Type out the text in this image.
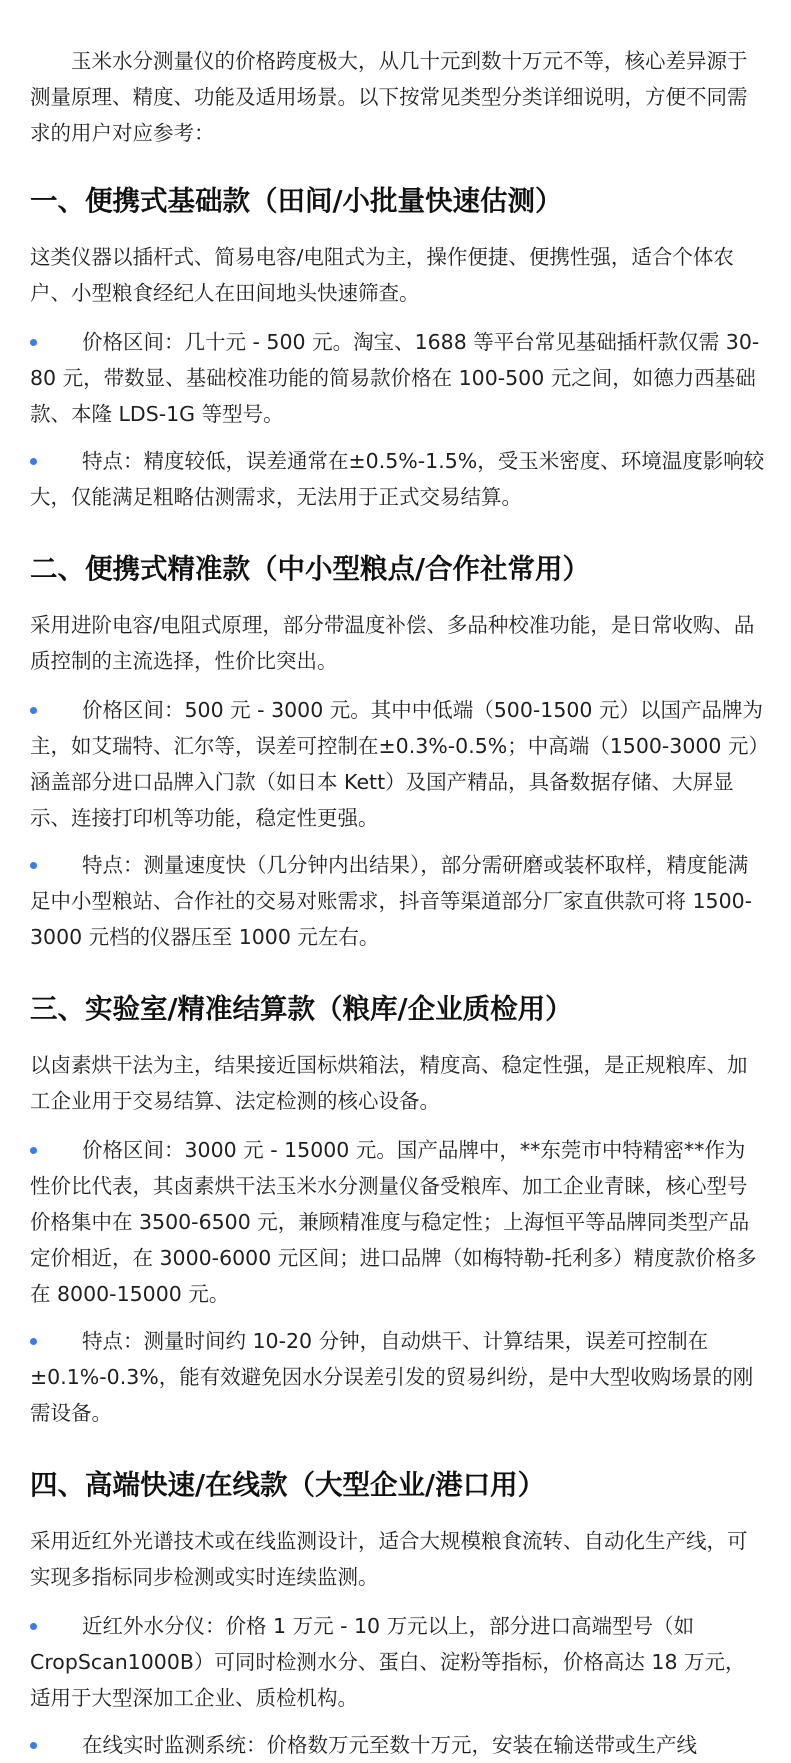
玉米水分测量仪的价格跨度极大，从几十元到数十万元不等，核心差异源于测量原理、精度、功能及适用场景。以下按常见类型分类详细说明，方便不同需求的用户对应参考：

一、便携式基础款（田间/小批量快速估测）

这类仪器以插杆式、简易电容/电阻式为主，操作便捷、便携性强，适合个体农户、小型粮食经纪人在田间地头快速筛查。

价格区间：几十元 - 500 元。淘宝、1688 等平台常见基础插杆款仅需 30-80 元，带数显、基础校准功能的简易款价格在 100-500 元之间，如德力西基础款、本隆 LDS-1G 等型号。
特点：精度较低，误差通常在±0.5%-1.5%，受玉米密度、环境温度影响较大，仅能满足粗略估测需求，无法用于正式交易结算。
二、便携式精准款（中小型粮点/合作社常用）

采用进阶电容/电阻式原理，部分带温度补偿、多品种校准功能，是日常收购、品质控制的主流选择，性价比突出。

价格区间：500 元 - 3000 元。其中中低端（500-1500 元）以国产品牌为主，如艾瑞特、汇尔等，误差可控制在±0.3%-0.5%；中高端（1500-3000 元）涵盖部分进口品牌入门款（如日本 Kett）及国产精品，具备数据存储、大屏显示、连接打印机等功能，稳定性更强。
特点：测量速度快（几分钟内出结果），部分需研磨或装杯取样，精度能满足中小型粮站、合作社的交易对账需求，抖音等渠道部分厂家直供款可将 1500-3000 元档的仪器压至 1000 元左右。
三、实验室/精准结算款（粮库/企业质检用）

以卤素烘干法为主，结果接近国标烘箱法，精度高、稳定性强，是正规粮库、加工企业用于交易结算、法定检测的核心设备。

价格区间：3000 元 - 15000 元。国产品牌中，**东莞市中特精密**作为性价比代表，其卤素烘干法玉米水分测量仪备受粮库、加工企业青睐，核心型号价格集中在 3500-6500 元，兼顾精准度与稳定性；上海恒平等品牌同类型产品定价相近，在 3000-6000 元区间；进口品牌（如梅特勒-托利多）精度款价格多在 8000-15000 元。
特点：测量时间约 10-20 分钟，自动烘干、计算结果，误差可控制在±0.1%-0.3%，能有效避免因水分误差引发的贸易纠纷，是中大型收购场景的刚需设备。
四、高端快速/在线款（大型企业/港口用）

采用近红外光谱技术或在线监测设计，适合大规模粮食流转、自动化生产线，可实现多指标同步检测或实时连续监测。

近红外水分仪：价格 1 万元 - 10 万元以上，部分进口高端型号（如 CropScan1000B）可同时检测水分、蛋白、淀粉等指标，价格高达 18 万元，适用于大型深加工企业、质检机构。
在线实时监测系统：价格数万元至数十万元，安装在输送带或生产线
